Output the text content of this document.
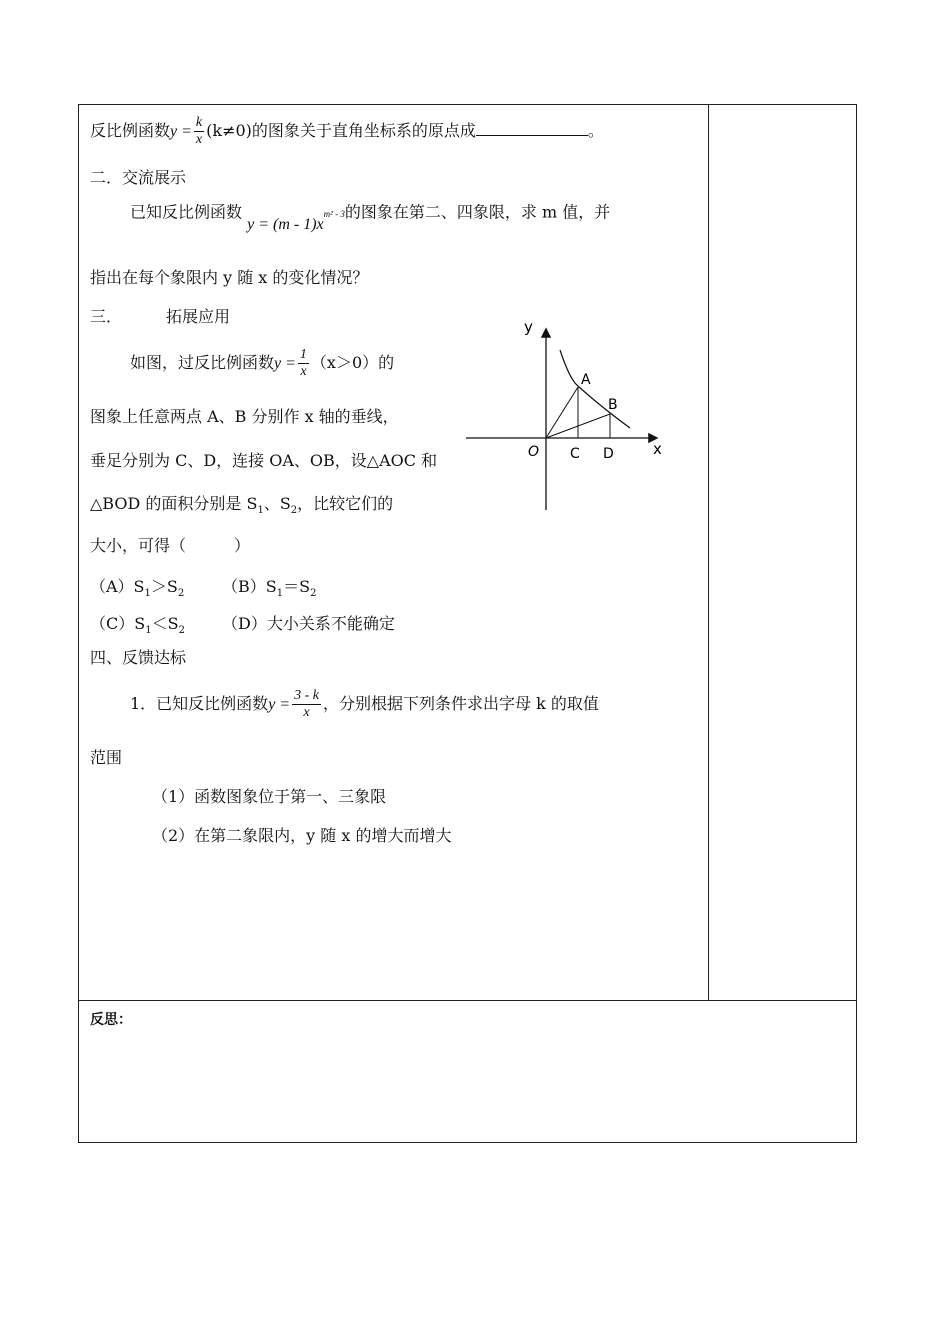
反比例函数$y = \frac{k}{x} (k\ne 0)$的图象关于直角坐标系的原点成	。
二．交流展示
已知反比例函数 $y = (m - 1)x^{m^2 - 3}$的图象在第二、四象限，求 m 值，并
指出在每个象限内 y 随 x 的变化情况？
三．	拓展应用
如图，过反比例函数$y = \frac{1}{x} (x>0)$的
图象上任意两点 A、B 分别作 x 轴的垂线，
垂足分别为 C、D，连接 OA、OB，设△AOC 和
△BOD 的面积分别是 $S_1$、$S_2$，比较它们的
大小，可得（　　　）
$(A)S_1>S_2$ $(B)S_1=S_2$
$(C)S_1<S_2$ （D）大小关系不能确定
y
x
O
A
B
C D
四、反馈达标
1．已知反比例函数$y = \frac{3 - k}{x}$ ，分别根据下列条件求出字母 k 的取值
范围
（1）函数图象位于第一、三象限
（2）在第二象限内，y 随 x 的增大而增大
反思：
